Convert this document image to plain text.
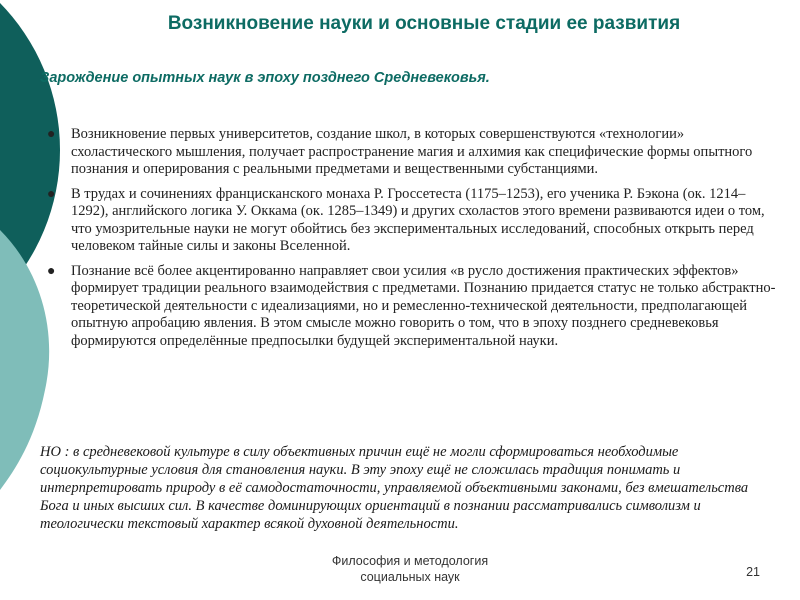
Возникновение науки и основные стадии ее развития
Зарождение опытных наук в эпоху позднего Средневековья.
●	Возникновение первых университетов, создание школ, в которых совершенствуются «технологии» схоластического мышления, получает распространение магия и алхимия как специфические формы опытного познания и оперирования с реальными предметами и вещественными субстанциями.
●	В трудах и сочинениях францисканского монаха Р. Гроссетеста (1175–1253), его ученика Р. Бэкона (ок. 1214– 1292), английского логика У. Оккама (ок. 1285–1349) и других схоластов этого времени развиваются идеи о том, что умозрительные науки не могут обойтись без экспериментальных исследований, способных открыть перед человеком тайные силы и законы Вселенной.
●	Познание всё более акцентированно направляет свои усилия «в русло достижения практических эффектов» формирует традиции реального взаимодействия с предметами. Познанию придается статус не только абстрактно-теоретической деятельности с идеализациями, но и ремесленно-технической деятельности, предполагающей опытную апробацию явления. В этом смысле можно говорить о том, что в эпоху позднего средневековья формируются определённые предпосылки будущей экспериментальной науки.
НО : в средневековой культуре в силу объективных причин ещё не могли сформироваться необходимые социокультурные условия для становления науки. В эту эпоху ещё не сложилась традиция понимать и интерпретировать природу в её самодостаточности, управляемой объективными законами, без вмешательства Бога и иных высших сил. В качестве доминирующих ориентаций в познании рассматривались символизм и теологически текстовый характер всякой духовной деятельности.
Философия и методология
социальных наук	21
